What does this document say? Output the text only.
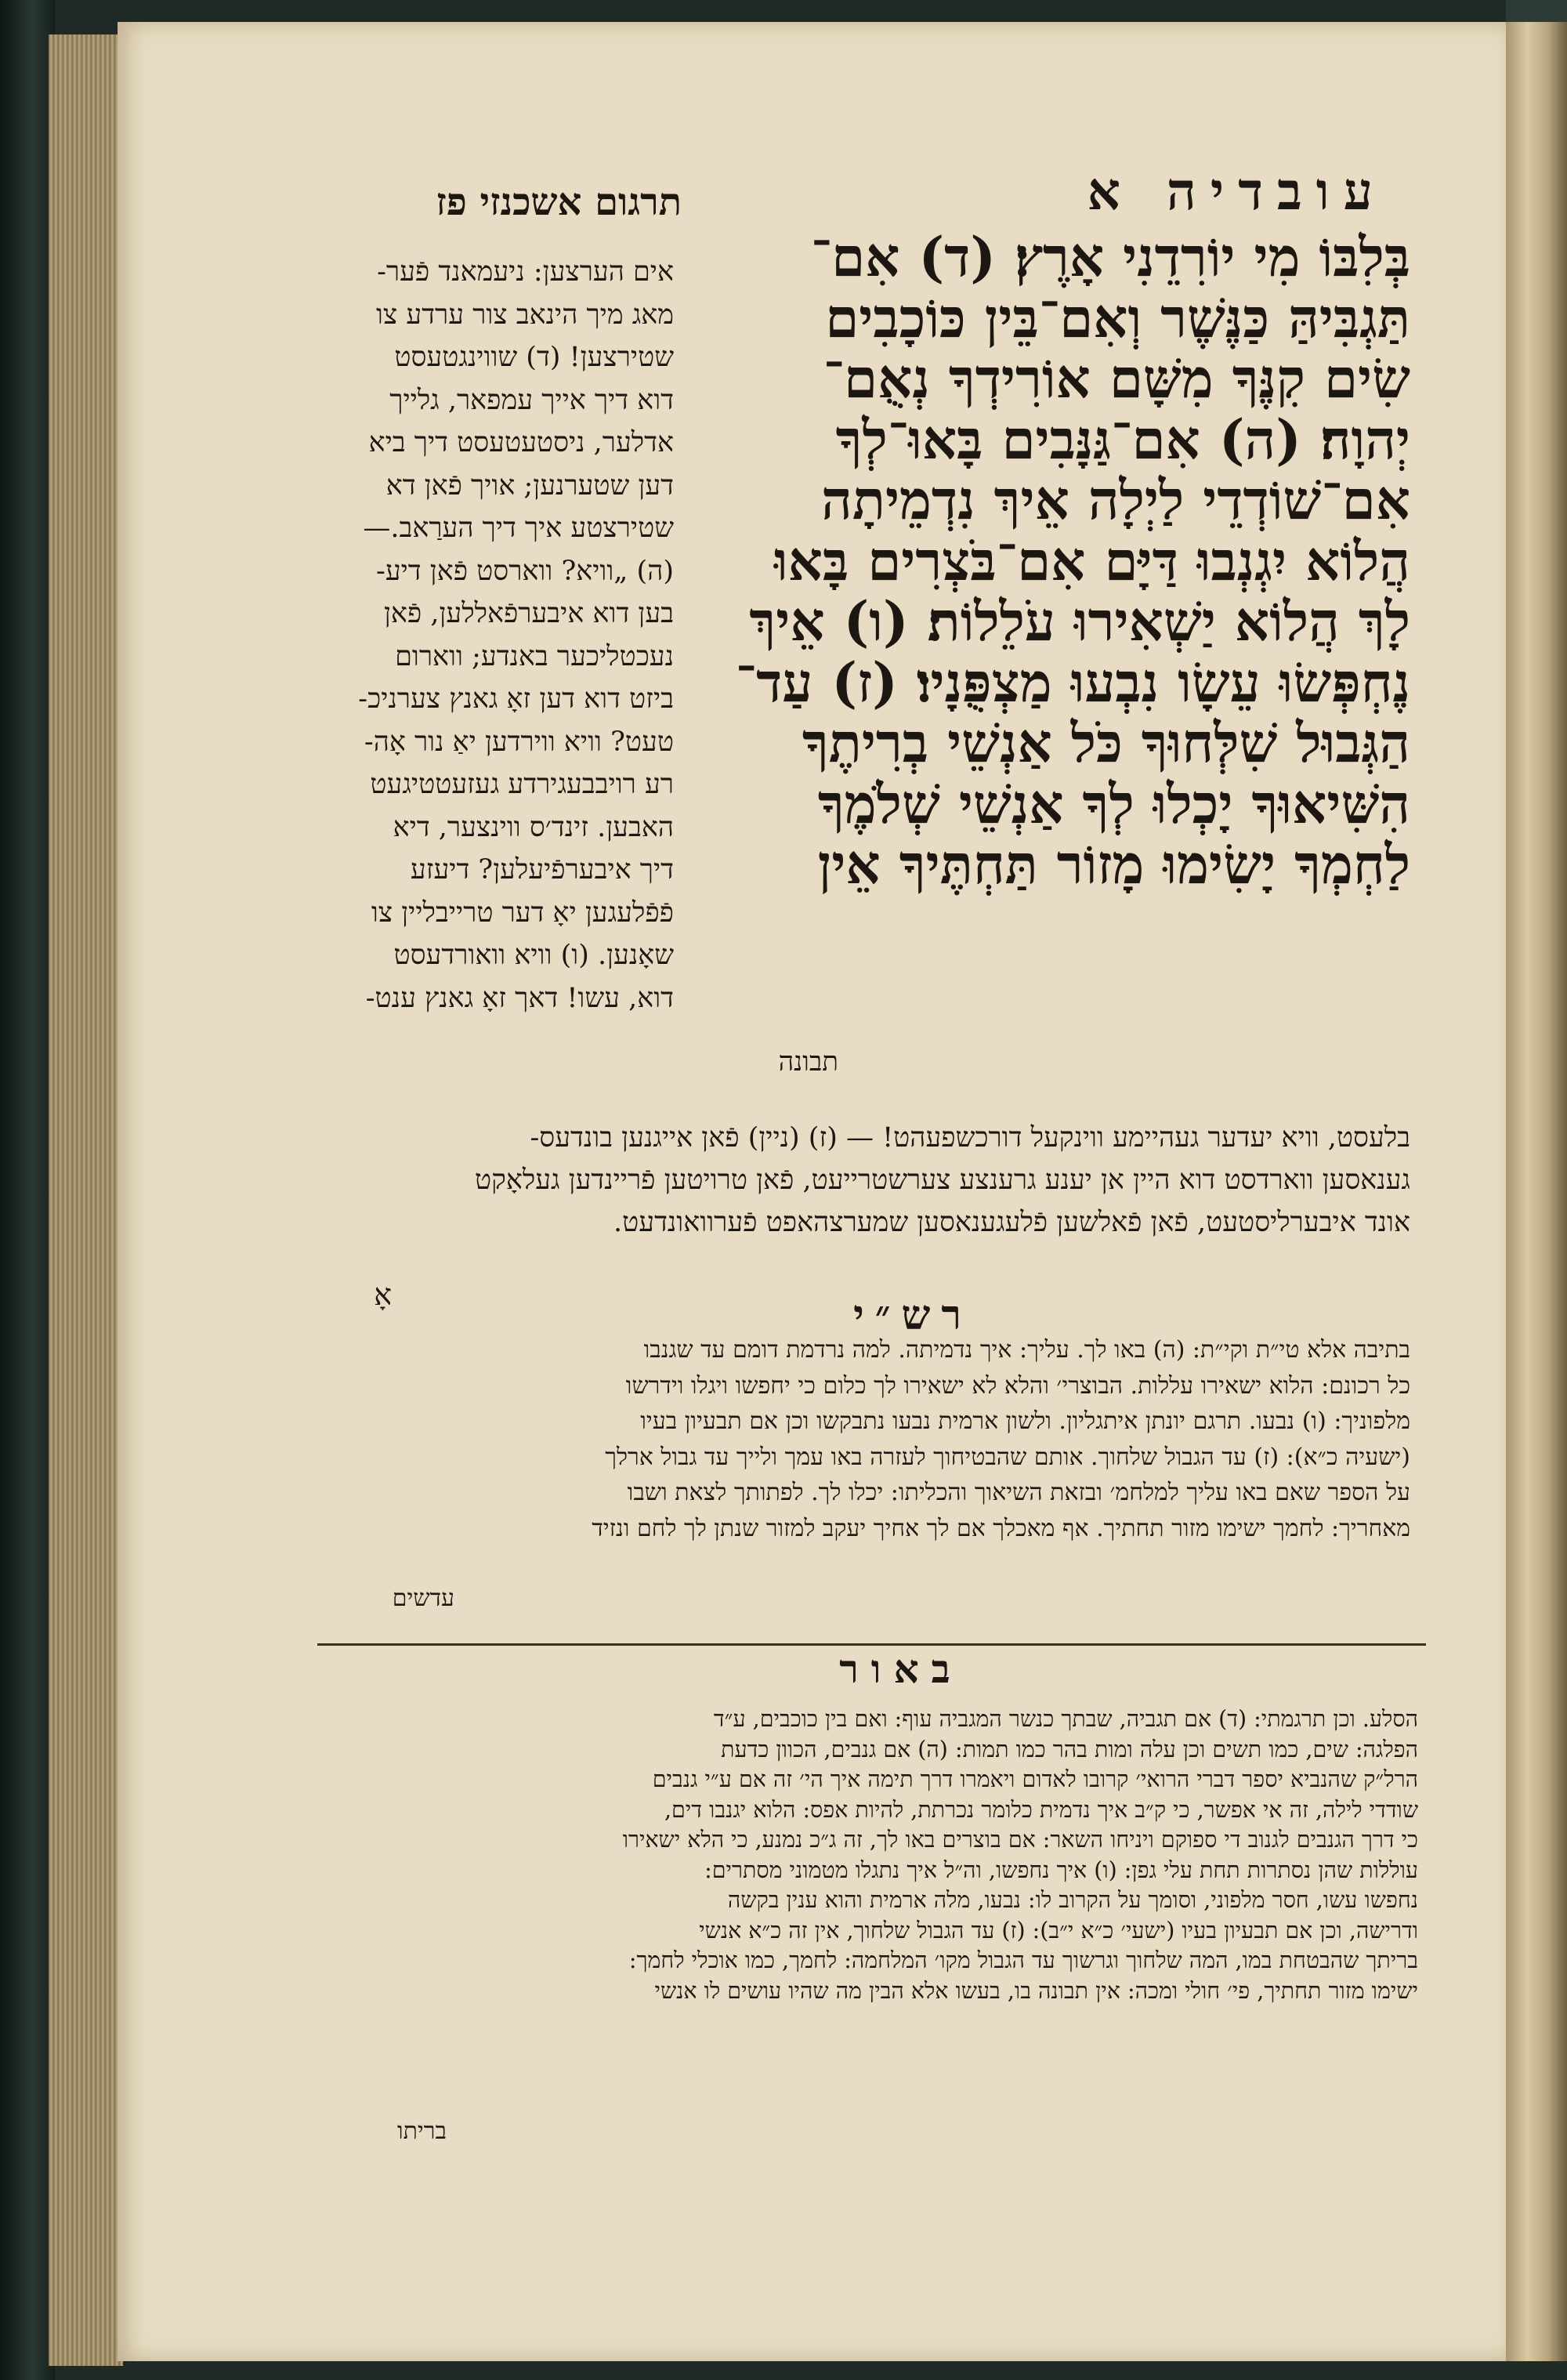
עובדיה א
תרגום אשכנזי פז
בְּלִבּוֹ מִי יוֹרִדֵנִי אָרֶץ׃ (ד) אִם־
תַּגְבִּיהַּ כַּנֶּשֶׁר וְאִם־בֵּין כּוֹכָבִים
שִׂים קִנֶּךָ מִשָּׁם אוֹרִידְךָ נְאֻם־
יְהוָה׃ (ה) אִם־גַּנָּבִים בָּאוּ־לְךָ
אִם־שׁוֹדְדֵי לַיְלָה אֵיךְ נִדְמֵיתָה
הֲלוֹא יִגְנְבוּ דַּיָּם אִם־בֹּצְרִים בָּאוּ
לָךְ הֲלוֹא יַשְׁאִירוּ עֹלֵלוֹת׃ (ו) אֵיךְ
נֶחְפְּשׂוּ עֵשָׂו נִבְעוּ מַצְפֻּנָיו׃ (ז) עַד־
הַגְּבוּל שִׁלְּחוּךָ כֹּל אַנְשֵׁי בְרִיתֶךָ
הִשִּׁיאוּךָ יָכְלוּ לְךָ אַנְשֵׁי שְׁלֹמֶךָ
לַחְמְךָ יָשִׂימוּ מָזוֹר תַּחְתֶּיךָ אֵין
תבונה
אים הערצען: ניעמאנד פֿער-
מאג מיך הינאב צור ערדע צו
שטירצען! (ד) שווינגטעסט
דוא דיך אייך עמפאר, גלייך
אדלער, ניסטעטעסט דיך ביא
דען שטערנען; אויך פֿאן דא
שטירצטע איך דיך הערַאב.—
(ה) „וויא? ווארסט פֿאן דיע-
בען דוא איבערפֿאללען, פֿאן
נעכטליכער באנדע; ווארום
ביזט דוא דען זאָ גאנץ צערניכ-
טעט? וויא ווירדען יאַ נור אָה-
רע רויבבעגירדע געזעטטיגעט
האבען. זינד׳ס ווינצער, דיא
דיך איבערפֿיעלען? דיעזע
פֿפֿלעגען יאָ דער טרייבליין צו
שאָנען. (ו) וויא וואורדעסט
דוא, עשו! דאך זאָ גאנץ ענט-
בלעסט, וויא יעדער געהיימע ווינקעל דורכשפעהט! — (ז) (ניין) פֿאן אייגנען בונדעס-
גענאסען ווארדסט דוא היין אן יענע גרענצע צערשטרייעט, פֿאן טרויטען פֿריינדען געלאָקט
אונד איבערליסטעט, פֿאן פֿאלשען פֿלעגענאסען שמערצהאפט פֿערוואונדעט.
אָ	רש״י
בתיבה אלא טי״ת וקי״ת: (ה) באו לך. עליך: איך נדמיתה. למה נרדמת דומם עד שגנבו
כל רכונם: הלוא ישאירו עללות. הבוצרי׳ והלא לא ישאירו לך כלום כי יחפשו ויגלו וידרשו
מלפוניך: (ו) נבעו. תרגם יונתן איתגליון. ולשון ארמית נבעו נתבקשו וכן אם תבעיון בעיו
(ישעיה כ״א): (ז) עד הגבול שלחוך. אותם שהבטיחוך לעזרה באו עמך ולייך עד גבול ארלך
על הספר שאם באו עליך למלחמ׳ ובזאת השיאוך והכליתו: יכלו לך. לפתותך לצאת ושבו
מאחריך: לחמך ישימו מזור תחתיך. אף מאכלך אם לך אחיך יעקב למזור שנתן לך לחם ונזיד
עדשים
באור
הסלע. וכן תרגמתי: (ד) אם תגביה, שבתך כנשר המגביה עוף: ואם בין כוכבים, ע״ד
הפלגה: שים, כמו תשים וכן עלה ומות בהר כמו תמות: (ה) אם גנבים, הכוון כדעת
הרל״ק שהנביא יספר דברי הרואי׳ קרובו לאדום ויאמרו דרך תימה איך הי׳ זה אם ע״י גנבים
שודדי לילה, זה אי אפשר, כי ק״ב איך נדמית כלומר נכרתת, להיות אפס: הלוא יגנבו דים,
כי דרך הגנבים לגנוב די ספוקם ויניחו השאר: אם בוצרים באו לך, זה ג״כ נמנע, כי הלא ישאירו
עוללות שהן נסתרות תחת עלי גפן: (ו) איך נחפשו, וה״ל איך נתגלו מטמוני מסתרים:
נחפשו עשו, חסר מלפוני, וסומך על הקרוב לו: נבעו, מלה ארמית והוא ענין בקשה
ודרישה, וכן אם תבעיון בעיו (ישעי׳ כ״א י״ב): (ז) עד הגבול שלחוך, אין זה כ״א אנשי
בריתך שהבטחת במו, המה שלחוך וגרשוך עד הגבול מקו׳ המלחמה: לחמך, כמו אוכלי לחמך:
ישימו מזור תחתיך, פי׳ חולי ומכה: אין תבונה בו, בעשו אלא הבין מה שהיו עושים לו אנשי
בריתו
